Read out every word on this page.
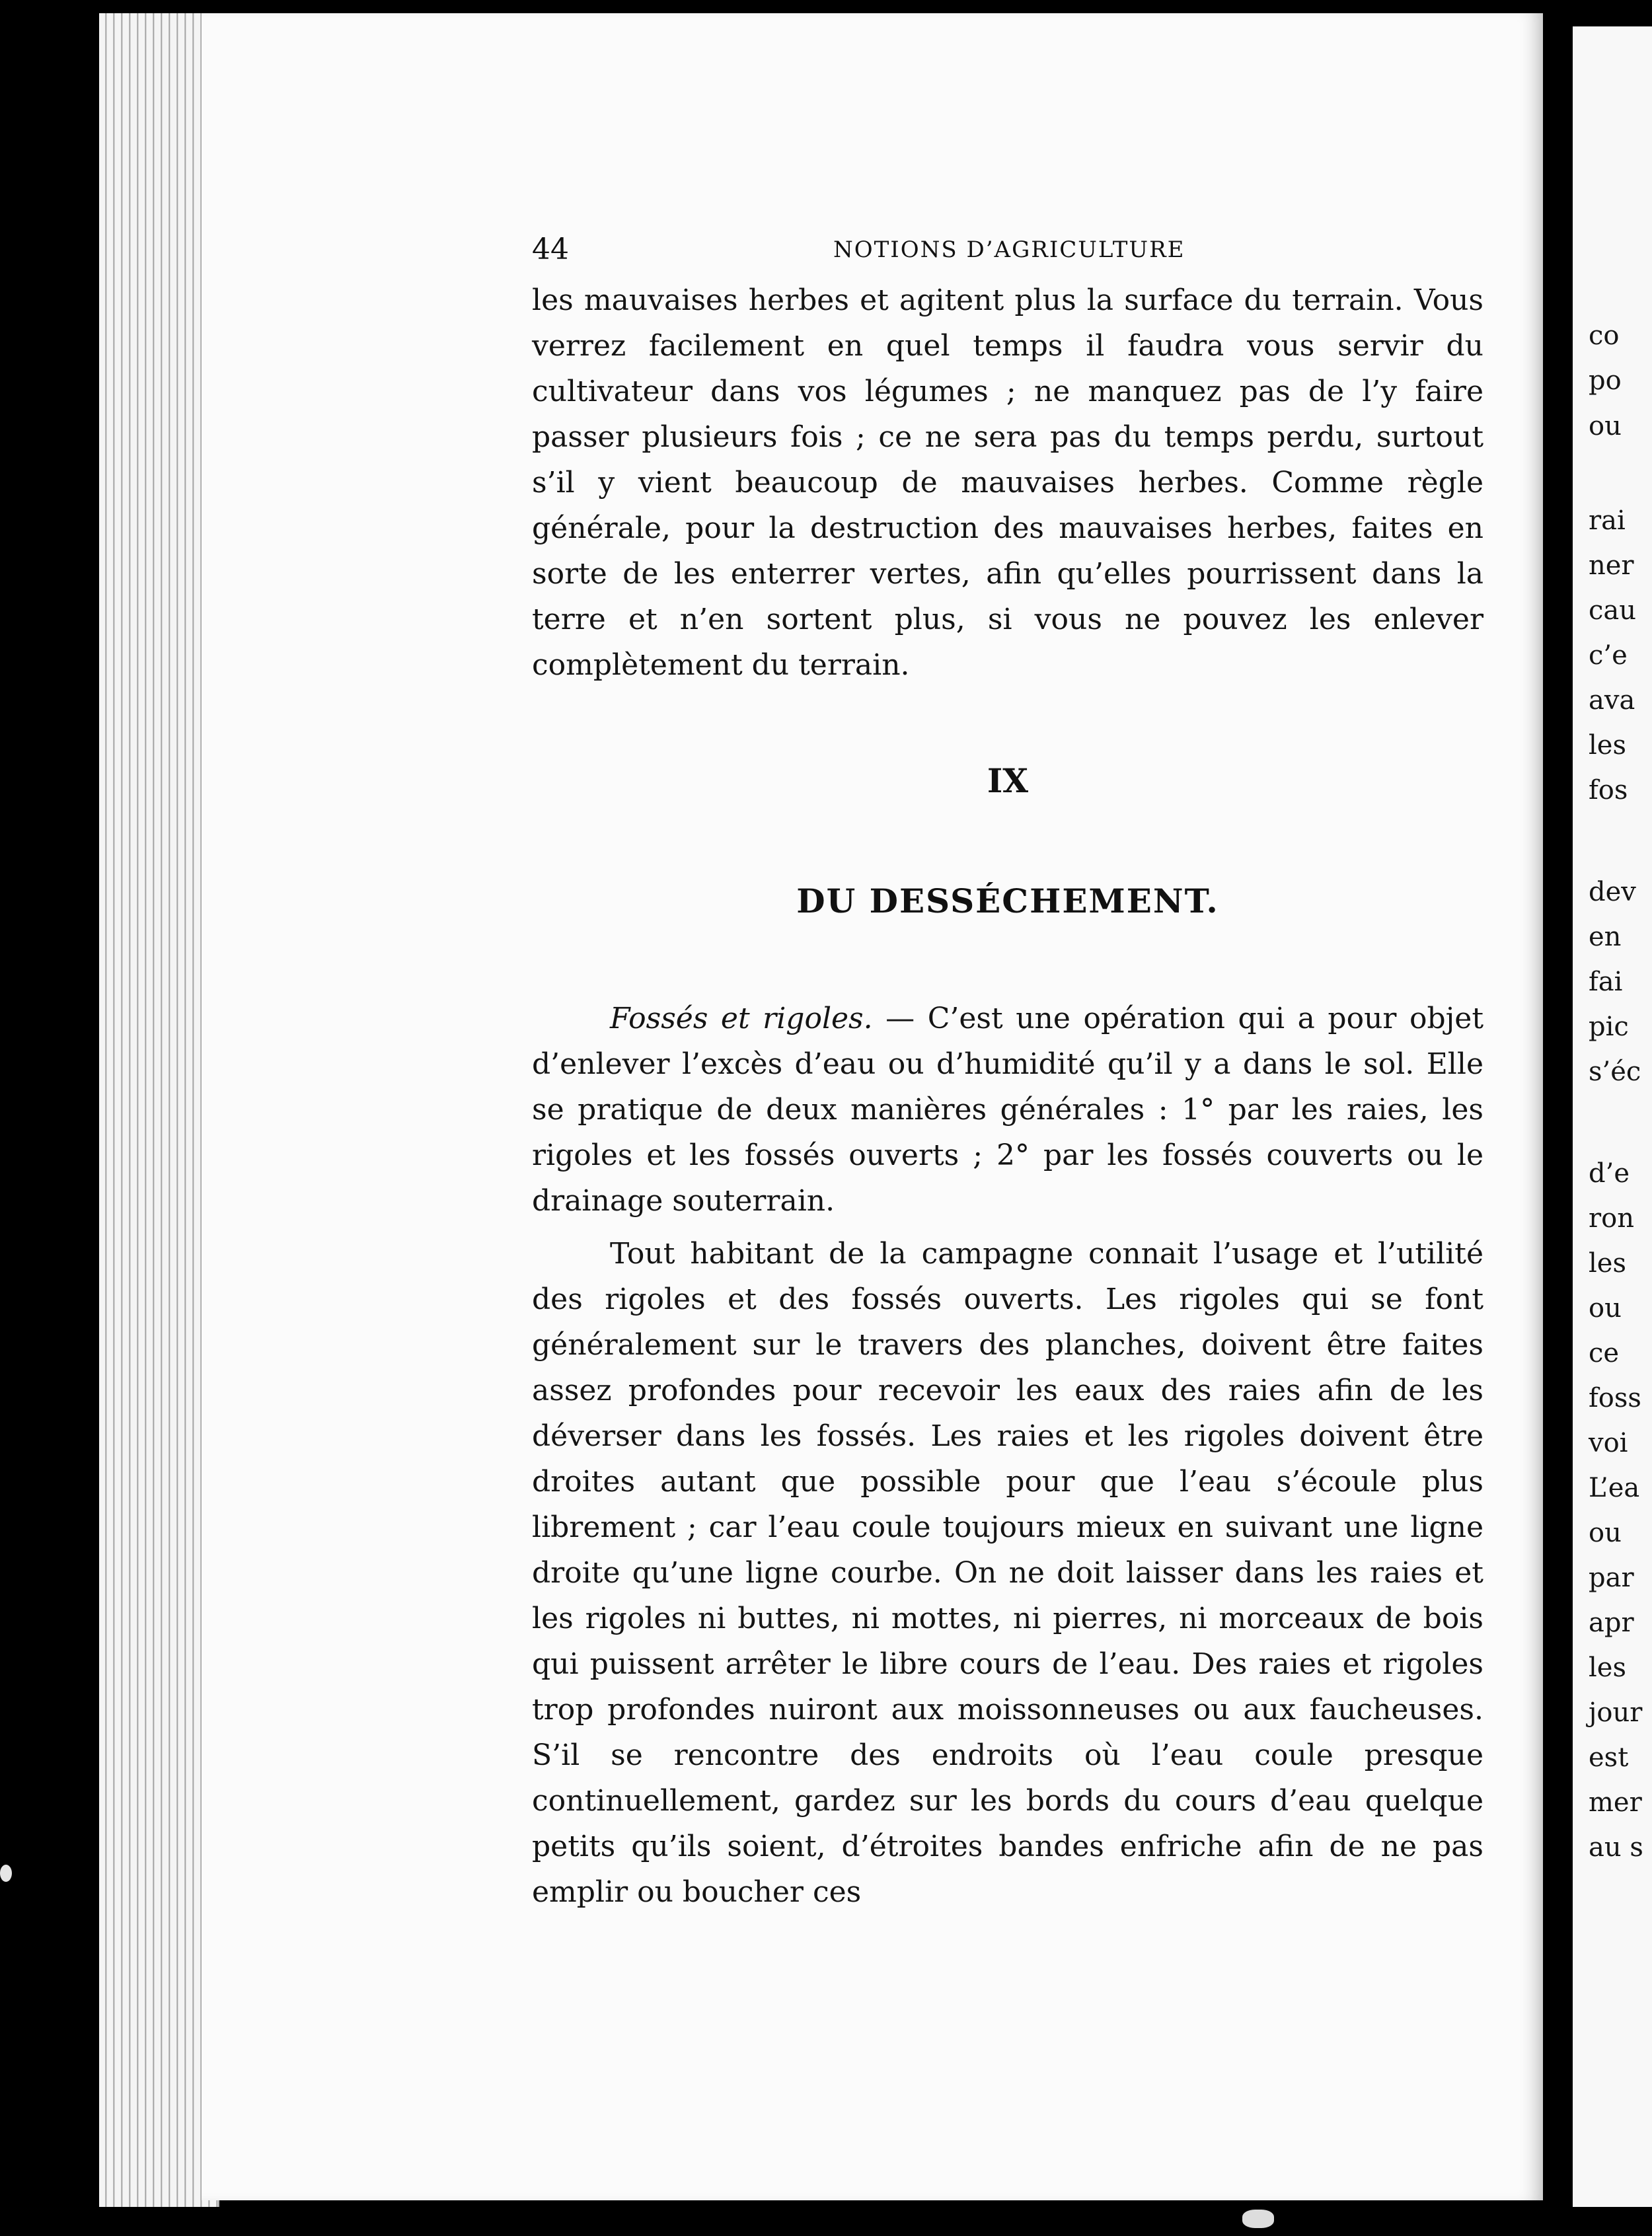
44	NOTIONS D’AGRICULTURE

les mauvaises herbes et agitent plus la surface du terrain. Vous verrez facilement en quel temps il faudra vous servir du cultivateur dans vos légumes ; ne manquez pas de l’y faire passer plusieurs fois ; ce ne sera pas du temps perdu, surtout s’il y vient beaucoup de mauvaises herbes. Comme règle générale, pour la destruction des mauvaises herbes, faites en sorte de les enterrer vertes, afin qu’elles pourrissent dans la terre et n’en sortent plus, si vous ne pouvez les enlever complètement du terrain.

IX
DU DESSÉCHEMENT.

Fossés et rigoles. — C’est une opération qui a pour objet d’enlever l’excès d’eau ou d’humidité qu’il y a dans le sol. Elle se pratique de deux manières générales : 1° par les raies, les rigoles et les fossés ouverts ; 2° par les fossés couverts ou le drainage souterrain.

Tout habitant de la campagne connait l’usage et l’utilité des rigoles et des fossés ouverts. Les rigoles qui se font généralement sur le travers des planches, doivent être faites assez profondes pour recevoir les eaux des raies afin de les déverser dans les fossés. Les raies et les rigoles doivent être droites autant que possible pour que l’eau s’écoule plus librement ; car l’eau coule toujours mieux en suivant une ligne droite qu’une ligne courbe. On ne doit laisser dans les raies et les rigoles ni buttes, ni mottes, ni pierres, ni morceaux de bois qui puissent arrêter le libre cours de l’eau. Des raies et rigoles trop profondes nuiront aux moissonneuses ou aux faucheuses. S’il se rencontre des endroits où l’eau coule presque continuellement, gardez sur les bords du cours d’eau quelque petits qu’ils soient, d’étroites bandes enfriche afin de ne pas emplir ou boucher ces

co
po
ou
rai
ner
cau
c’e
ava
les
fos
dev
en
fai
pic
s’éc
d’e
ron
les
ou
ce
foss
voi
L’ea
ou
par
apr
les
jour
est
mer
au s
